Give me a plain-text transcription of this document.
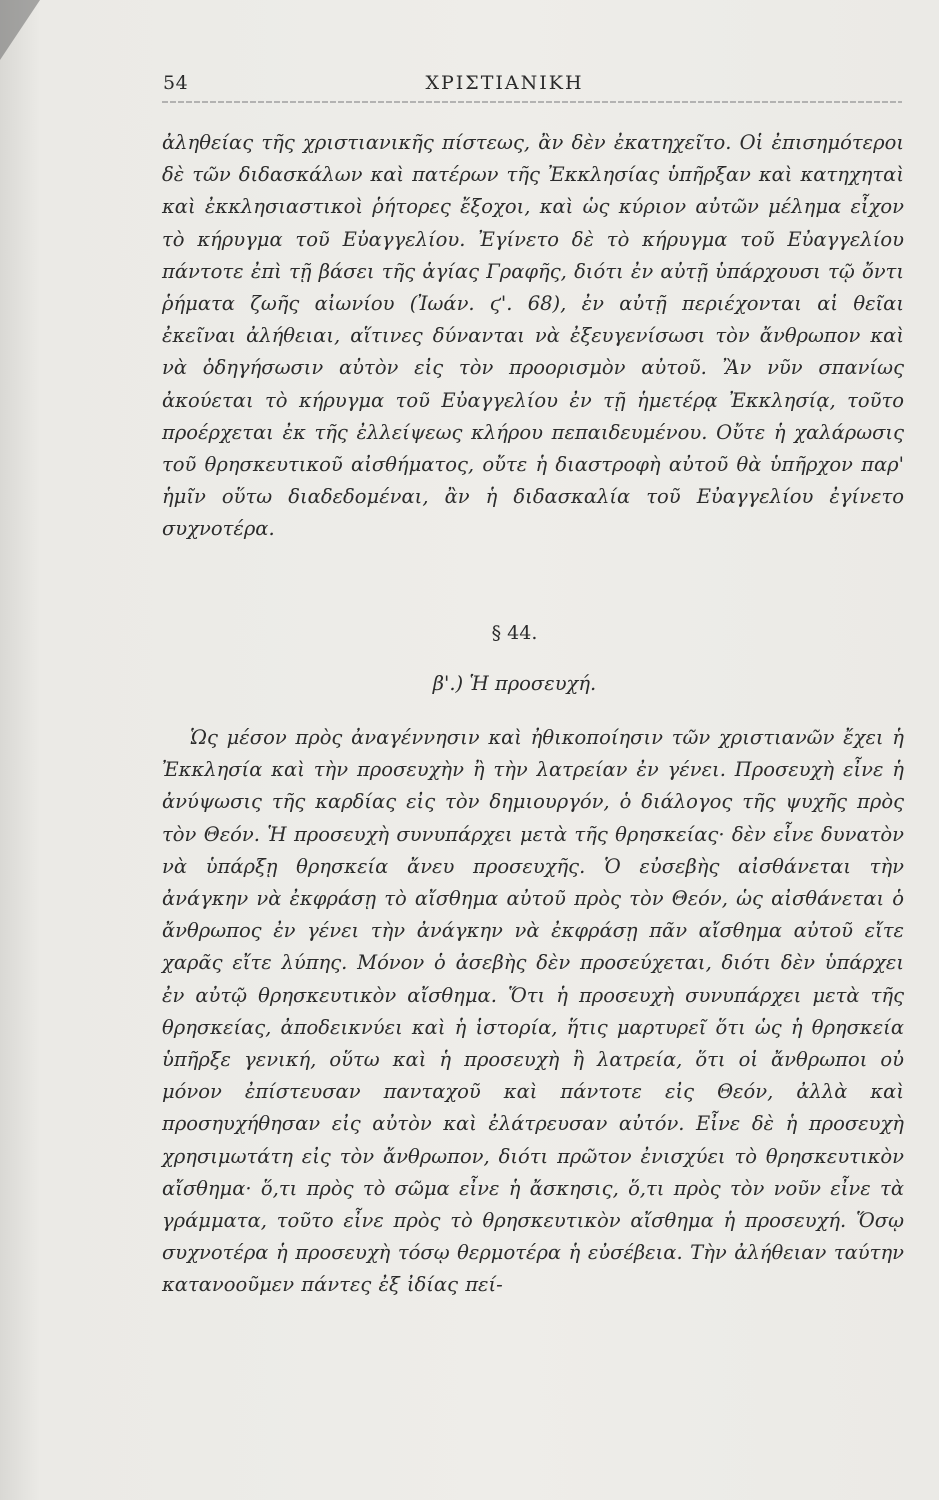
54	ΧΡΙΣΤΙΑΝΙΚΗ
ἀληθείας τῆς χριστιανικῆς πίστεως, ἂν δὲν ἐκατηχεῖτο. Οἱ ἐπισημότεροι δὲ τῶν διδασκάλων καὶ πατέρων τῆς Ἐκκλησίας ὑπῆρξαν καὶ κατηχηταὶ καὶ ἐκκλησιαστικοὶ ῥήτορες ἔξοχοι, καὶ ὡς κύριον αὐτῶν μέλημα εἶχον τὸ κήρυγμα τοῦ Εὐαγγελίου. Ἐγίνετο δὲ τὸ κήρυγμα τοῦ Εὐαγγελίου πάντοτε ἐπὶ τῇ βάσει τῆς ἁγίας Γραφῆς, διότι ἐν αὐτῇ ὑπάρχουσι τῷ ὄντι ῥήματα ζωῆς αἰωνίου (Ἰωάν. ϛ'. 68), ἐν αὐτῇ περιέχονται αἱ θεῖαι ἐκεῖναι ἀλήθειαι, αἵτινες δύνανται νὰ ἐξευγενίσωσι τὸν ἄνθρωπον καὶ νὰ ὁδηγήσωσιν αὐτὸν εἰς τὸν προορισμὸν αὐτοῦ. Ἂν νῦν σπανίως ἀκούεται τὸ κήρυγμα τοῦ Εὐαγγελίου ἐν τῇ ἡμετέρᾳ Ἐκκλησίᾳ, τοῦτο προέρχεται ἐκ τῆς ἐλλείψεως κλήρου πεπαιδευμένου. Οὔτε ἡ χαλάρωσις τοῦ θρησκευτικοῦ αἰσθήματος, οὔτε ἡ διαστροφὴ αὐτοῦ θὰ ὑπῆρχον παρ' ἡμῖν οὕτω διαδεδομέναι, ἂν ἡ διδασκαλία τοῦ Εὐαγγελίου ἐγίνετο συχνοτέρα.
§ 44.
β'.) Ἡ προσευχή.
Ὡς μέσον πρὸς ἀναγέννησιν καὶ ἠθικοποίησιν τῶν χριστιανῶν ἔχει ἡ Ἐκκλησία καὶ τὴν προσευχὴν ἢ τὴν λατρείαν ἐν γένει. Προσευχὴ εἶνε ἡ ἀνύψωσις τῆς καρδίας εἰς τὸν δημιουργόν, ὁ διάλογος τῆς ψυχῆς πρὸς τὸν Θεόν. Ἡ προσευχὴ συνυπάρχει μετὰ τῆς θρησκείας· δὲν εἶνε δυνατὸν νὰ ὑπάρξῃ θρησκεία ἄνευ προσευχῆς. Ὁ εὐσεβὴς αἰσθάνεται τὴν ἀνάγκην νὰ ἐκφράσῃ τὸ αἴσθημα αὐτοῦ πρὸς τὸν Θεόν, ὡς αἰσθάνεται ὁ ἄνθρωπος ἐν γένει τὴν ἀνάγκην νὰ ἐκφράσῃ πᾶν αἴσθημα αὐτοῦ εἴτε χαρᾶς εἴτε λύπης. Μόνον ὁ ἀσεβὴς δὲν προσεύχεται, διότι δὲν ὑπάρχει ἐν αὐτῷ θρησκευτικὸν αἴσθημα. Ὅτι ἡ προσευχὴ συνυπάρχει μετὰ τῆς θρησκείας, ἀποδεικνύει καὶ ἡ ἱστορία, ἥτις μαρτυρεῖ ὅτι ὡς ἡ θρησκεία ὑπῆρξε γενική, οὕτω καὶ ἡ προσευχὴ ἢ λατρεία, ὅτι οἱ ἄνθρωποι οὐ μόνον ἐπίστευσαν πανταχοῦ καὶ πάντοτε εἰς Θεόν, ἀλλὰ καὶ προσηυχήθησαν εἰς αὐτὸν καὶ ἐλάτρευσαν αὐτόν. Εἶνε δὲ ἡ προσευχὴ χρησιμωτάτη εἰς τὸν ἄνθρωπον, διότι πρῶτον ἐνισχύει τὸ θρησκευτικὸν αἴσθημα· ὅ,τι πρὸς τὸ σῶμα εἶνε ἡ ἄσκησις, ὅ,τι πρὸς τὸν νοῦν εἶνε τὰ γράμματα, τοῦτο εἶνε πρὸς τὸ θρησκευτικὸν αἴσθημα ἡ προσευχή. Ὅσῳ συχνοτέρα ἡ προσευχὴ τόσῳ θερμοτέρα ἡ εὐσέβεια. Τὴν ἀλήθειαν ταύτην κατανοοῦμεν πάντες ἐξ ἰδίας πεί-
